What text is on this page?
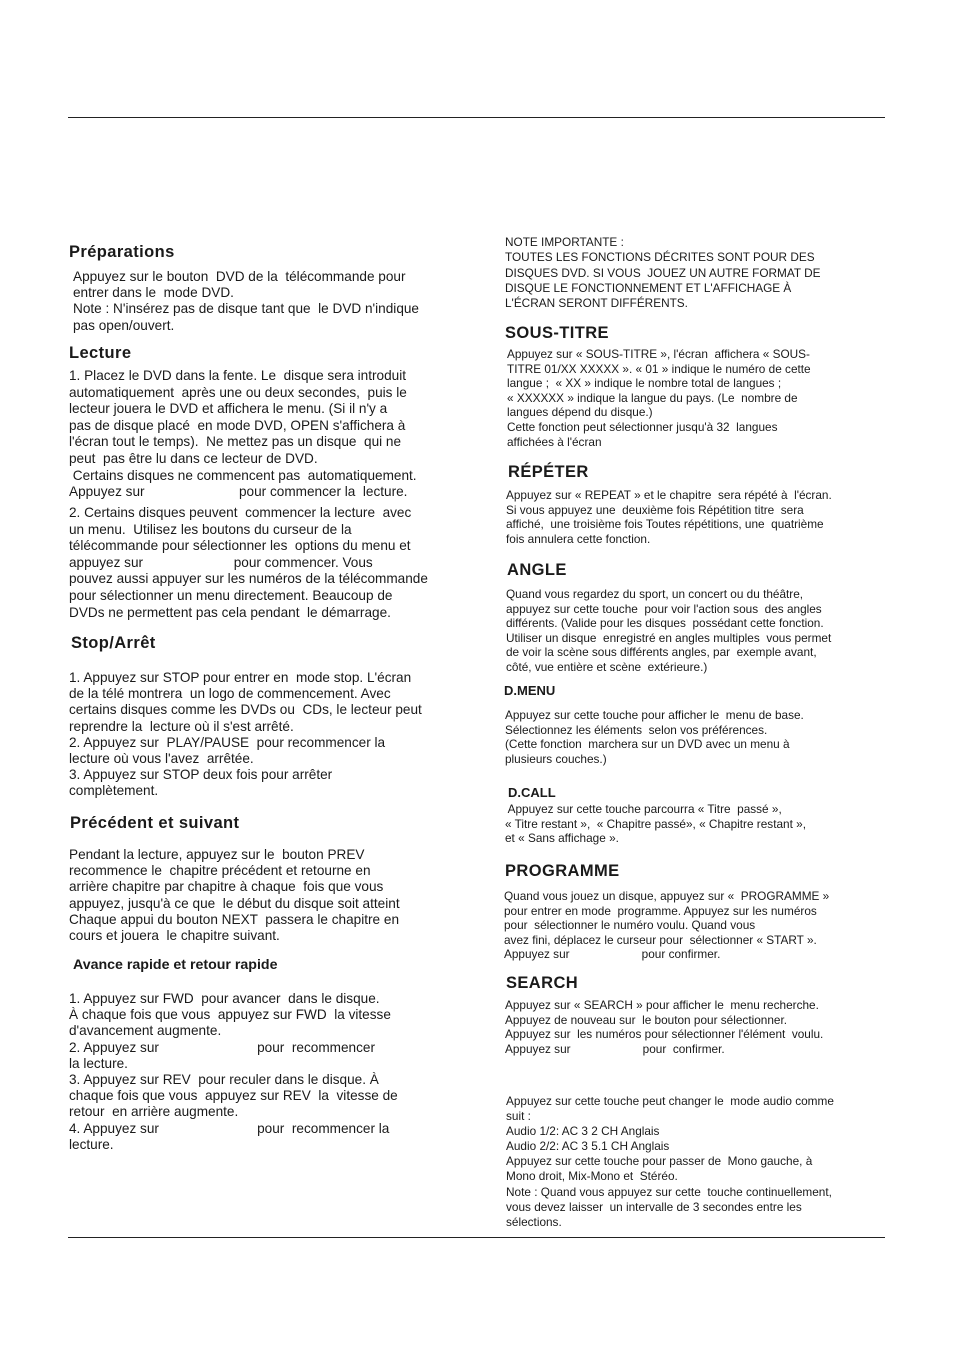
Préparations
Appuyez sur le bouton  DVD de la  télécommande pour
entrer dans le  mode DVD.
Note : N'insérez pas de disque tant que  le DVD n'indique
pas open/ouvert.
Lecture
1. Placez le DVD dans la fente. Le  disque sera introduit
automatiquement  après une ou deux secondes,  puis le
lecteur jouera le DVD et affichera le menu. (Si il n'y a
pas de disque placé  en mode DVD, OPEN s'affichera à
l'écran tout le temps).  Ne mettez pas un disque  qui ne
peut  pas être lu dans ce lecteur de DVD.
Certains disques ne commencent pas  automatiquement.
Appuyez sur                         pour commencer la  lecture.
2. Certains disques peuvent  commencer la lecture  avec
un menu.  Utilisez les boutons du curseur de la
télécommande pour sélectionner les  options du menu et
appuyez sur                        pour commencer. Vous
pouvez aussi appuyer sur les numéros de la télécommande
pour sélectionner un menu directement. Beaucoup de
DVDs ne permettent pas cela pendant  le démarrage.
Stop/Arrêt
1. Appuyez sur STOP pour entrer en  mode stop. L'écran
de la télé montrera  un logo de commencement. Avec
certains disques comme les DVDs ou  CDs, le lecteur peut
reprendre la  lecture où il s'est arrêté.
2. Appuyez sur  PLAY/PAUSE  pour recommencer la
lecture où vous l'avez  arrêtée.
3. Appuyez sur STOP deux fois pour arrêter
complètement.
Précédent et suivant
Pendant la lecture, appuyez sur le  bouton PREV
recommence le  chapitre précédent et retourne en
arrière chapitre par chapitre à chaque  fois que vous
appuyez, jusqu'à ce que  le début du disque soit atteint
Chaque appui du bouton NEXT  passera le chapitre en
cours et jouera  le chapitre suivant.
Avance rapide et retour rapide
1. Appuyez sur FWD  pour avancer  dans le disque.
À chaque fois que vous  appuyez sur FWD  la vitesse
d'avancement augmente.
2. Appuyez sur                          pour  recommencer
la lecture.
3. Appuyez sur REV  pour reculer dans le disque. À
chaque fois que vous  appuyez sur REV  la  vitesse de
retour  en arrière augmente.
4. Appuyez sur                          pour  recommencer la
lecture.
NOTE IMPORTANTE :
TOUTES LES FONCTIONS DÉCRITES SONT POUR DES
DISQUES DVD. SI VOUS  JOUEZ UN AUTRE FORMAT DE
DISQUE LE FONCTIONNEMENT ET L'AFFICHAGE À
L'ÉCRAN SERONT DIFFÉRENTS.
SOUS-TITRE
Appuyez sur « SOUS-TITRE », l'écran  affichera « SOUS-
TITRE 01/XX XXXXX ». « 01 » indique le numéro de cette
langue ;  « XX » indique le nombre total de langues ;
« XXXXXX » indique la langue du pays. (Le  nombre de
langues dépend du disque.)
Cette fonction peut sélectionner jusqu'à 32  langues
affichées à l'écran
RÉPÉTER
Appuyez sur « REPEAT » et le chapitre  sera répété à  l'écran.
Si vous appuyez une  deuxième fois Répétition titre  sera
affiché,  une troisième fois Toutes répétitions, une  quatrième
fois annulera cette fonction.
ANGLE
Quand vous regardez du sport, un concert ou du théâtre,
appuyez sur cette touche  pour voir l'action sous  des angles
différents. (Valide pour les disques  possédant cette fonction.
Utiliser un disque  enregistré en angles multiples  vous permet
de voir la scène sous différents angles, par  exemple avant,
côté, vue entière et scène  extérieure.)
D.MENU
Appuyez sur cette touche pour afficher le  menu de base.
Sélectionnez les éléments  selon vos préférences.
(Cette fonction  marchera sur un DVD avec un menu à
plusieurs couches.)
D.CALL
Appuyez sur cette touche parcourra « Titre  passé »,
« Titre restant »,  « Chapitre passé», « Chapitre restant »,
et « Sans affichage ».
PROGRAMME
Quand vous jouez un disque, appuyez sur «  PROGRAMME »
pour entrer en mode  programme. Appuyez sur les numéros
pour  sélectionner le numéro voulu. Quand vous
avez fini, déplacez le curseur pour  sélectionner « START ».
Appuyez sur                      pour confirmer.
SEARCH
Appuyez sur « SEARCH » pour afficher le  menu recherche.
Appuyez de nouveau sur  le bouton pour sélectionner.
Appuyez sur  les numéros pour sélectionner l'élément  voulu.
Appuyez sur                      pour  confirmer.
Appuyez sur cette touche peut changer le  mode audio comme
suit :
Audio 1/2: AC 3 2 CH Anglais
Audio 2/2: AC 3 5.1 CH Anglais
Appuyez sur cette touche pour passer de  Mono gauche, à
Mono droit, Mix-Mono et  Stéréo.
Note : Quand vous appuyez sur cette  touche continuellement,
vous devez laisser  un intervalle de 3 secondes entre les
sélections.
